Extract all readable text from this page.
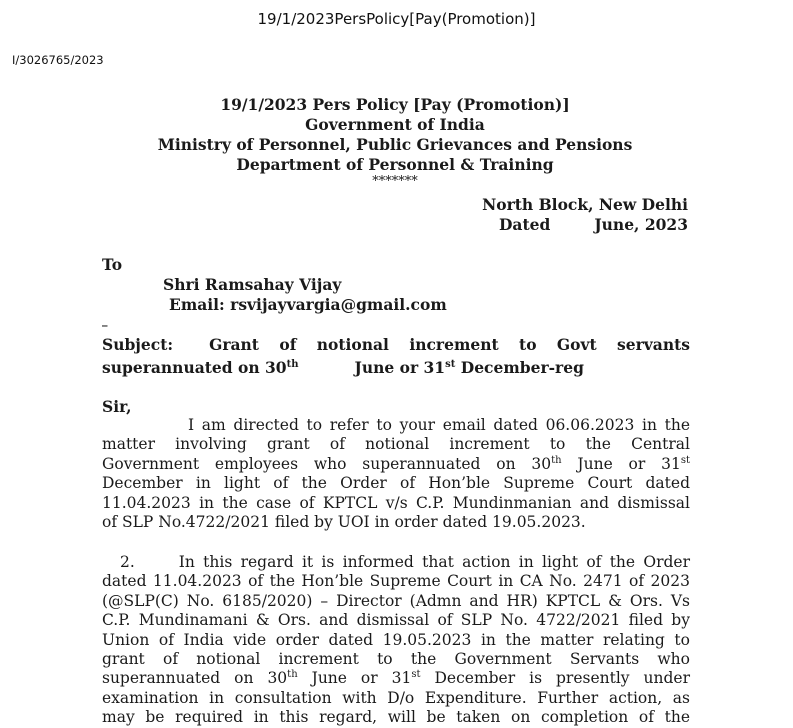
19/1/2023PersPolicy[Pay(Promotion)]
I/3026765/2023
19/1/2023 Pers Policy [Pay (Promotion)]
Government of India
Ministry of Personnel, Public Grievances and Pensions
Department of Personnel & Training
*******
North Block, New Delhi
Dated	June, 2023
To
Shri Ramsahay Vijay
Email: rsvijayvargia@gmail.com
_
Subject: Grant of notional increment to Govt servants
superannuated on 30th	June or 31st December-reg
Sir,
I am directed to refer to your email dated 06.06.2023 in the
matter involving grant of notional increment to the Central
Government employees who superannuated on 30th June or 31st
December in light of the Order of Hon’ble Supreme Court dated
11.04.2023 in the case of KPTCL v/s C.P. Mundinmanian and dismissal
of SLP No.4722/2021 filed by UOI in order dated 19.05.2023.
2.	In this regard it is informed that action in light of the Order
dated 11.04.2023 of the Hon’ble Supreme Court in CA No. 2471 of 2023
(@SLP(C) No. 6185/2020) – Director (Admn and HR) KPTCL & Ors. Vs
C.P. Mundinamani & Ors. and dismissal of SLP No. 4722/2021 filed by
Union of India vide order dated 19.05.2023 in the matter relating to
grant of notional increment to the Government Servants who
superannuated on 30th June or 31st December is presently under
examination in consultation with D/o Expenditure. Further action, as
may be required in this regard, will be taken on completion of the
